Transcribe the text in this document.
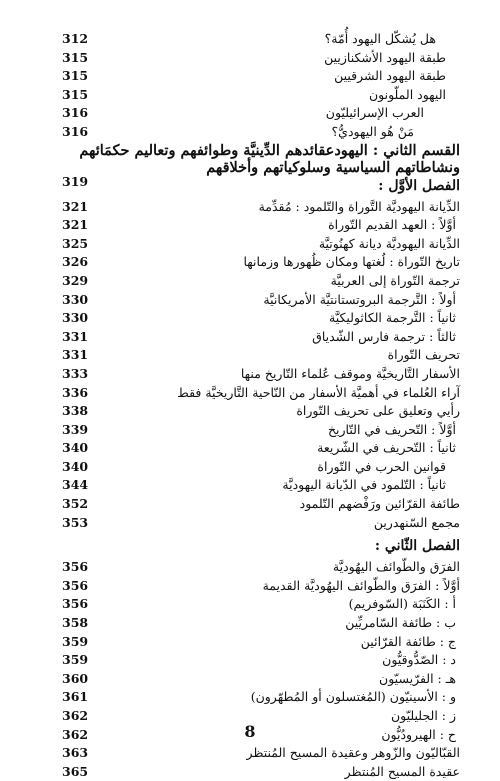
هل يُشكّل اليهود أُمّة؟
312
طبقة اليهود الأشكنازيين
315
طبقة اليهود الشرقيين
315
اليهود الملّونون
315
العرب الإسرائيليّون
316
مَنْ هُو اليهوديُّ؟
316
القسم الثاني : اليهودعقائدهم الدِّينيَّة وطوائفهم وتعاليم حكمَائهم
ونشاطاتهم السياسية وسلوكياتهم وأخلاقهم
الفصل الأوَّل :
319
الدِّيانة اليهوديَّة التَّوراة والتّلمود : مُقدِّمة
321
أوَّلاً : العهد القديم التّوراة
321
الدِّيانة اليهوديَّة ديانة كهنُوتيَّة
325
تاريخ التّوراة : لُغتها ومكان ظُهورها وزمانها
326
ترجمة التّوراة إلى العربيَّة
329
أولاً : التَّرجمة البروتستانتيَّة الأمريكانيَّة
330
ثانياً : التَّرجمة الكاثوليكيَّة
330
ثالثاً : ترجمة فارس الشّدياق
331
تحريف التّوراة
331
الأسفار التَّاريخيَّة وموقف عُلماء التّاريخ منها
333
آراء العُلماء في أهميَّة الأسفار من النّاحية التَّاريخيَّة فقط
336
رأيي وتعليق على تحريف التّوراة
338
أوَّلاً : التّحريف في التّاريخ
339
ثانياً : التّحريف في الشّريعة
340
قوانين الحرب في التّوراة
340
ثانياً : التّلمود في الدّيانة اليهوديَّة
344
طائفة القرّائين ورَفْضهم التّلمود
352
مجمع السّنهدرين
353
الفصل الثّاني :
الفرَق والطّوائف اليهُوديَّة
356
أوَّلاً : الفرَق والطّوائف اليهُوديَّة القديمة
356
أ : الكَنَبَة (السّوفريم)
356
ب : طائفة السّامريِّين
358
ج : طائفة القرّائين
359
د : الصّدُّوقيُّون
359
هـ : الفرّيسيّون
360
و : الأسينيّون (المُغتسلون أو المُطهّرون)
361
ز : الجليليّون
362
ح : الهيرودُيُّون
362
القبّاليّون والزّوهر وعقيدة المسيح المُنتظر
363
عقيدة المسيح المُنتظر
365
8
